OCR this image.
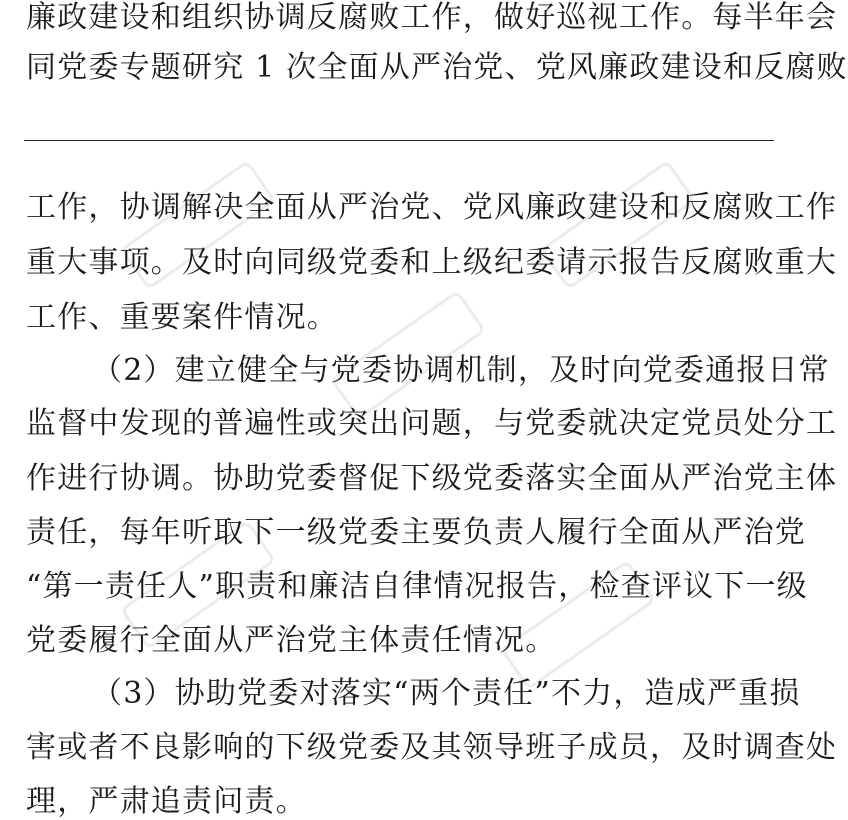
廉政建设和组织协调反腐败工作，做好巡视工作。每半年会
同党委专题研究 1 次全面从严治党、党风廉政建设和反腐败
工作，协调解决全面从严治党、党风廉政建设和反腐败工作
重大事项。及时向同级党委和上级纪委请示报告反腐败重大
工作、重要案件情况。
（2）建立健全与党委协调机制，及时向党委通报日常
监督中发现的普遍性或突出问题，与党委就决定党员处分工
作进行协调。协助党委督促下级党委落实全面从严治党主体
责任，每年听取下一级党委主要负责人履行全面从严治党
“第一责任人”职责和廉洁自律情况报告，检查评议下一级
党委履行全面从严治党主体责任情况。
（3）协助党委对落实“两个责任”不力，造成严重损
害或者不良影响的下级党委及其领导班子成员，及时调查处
理，严肃追责问责。
